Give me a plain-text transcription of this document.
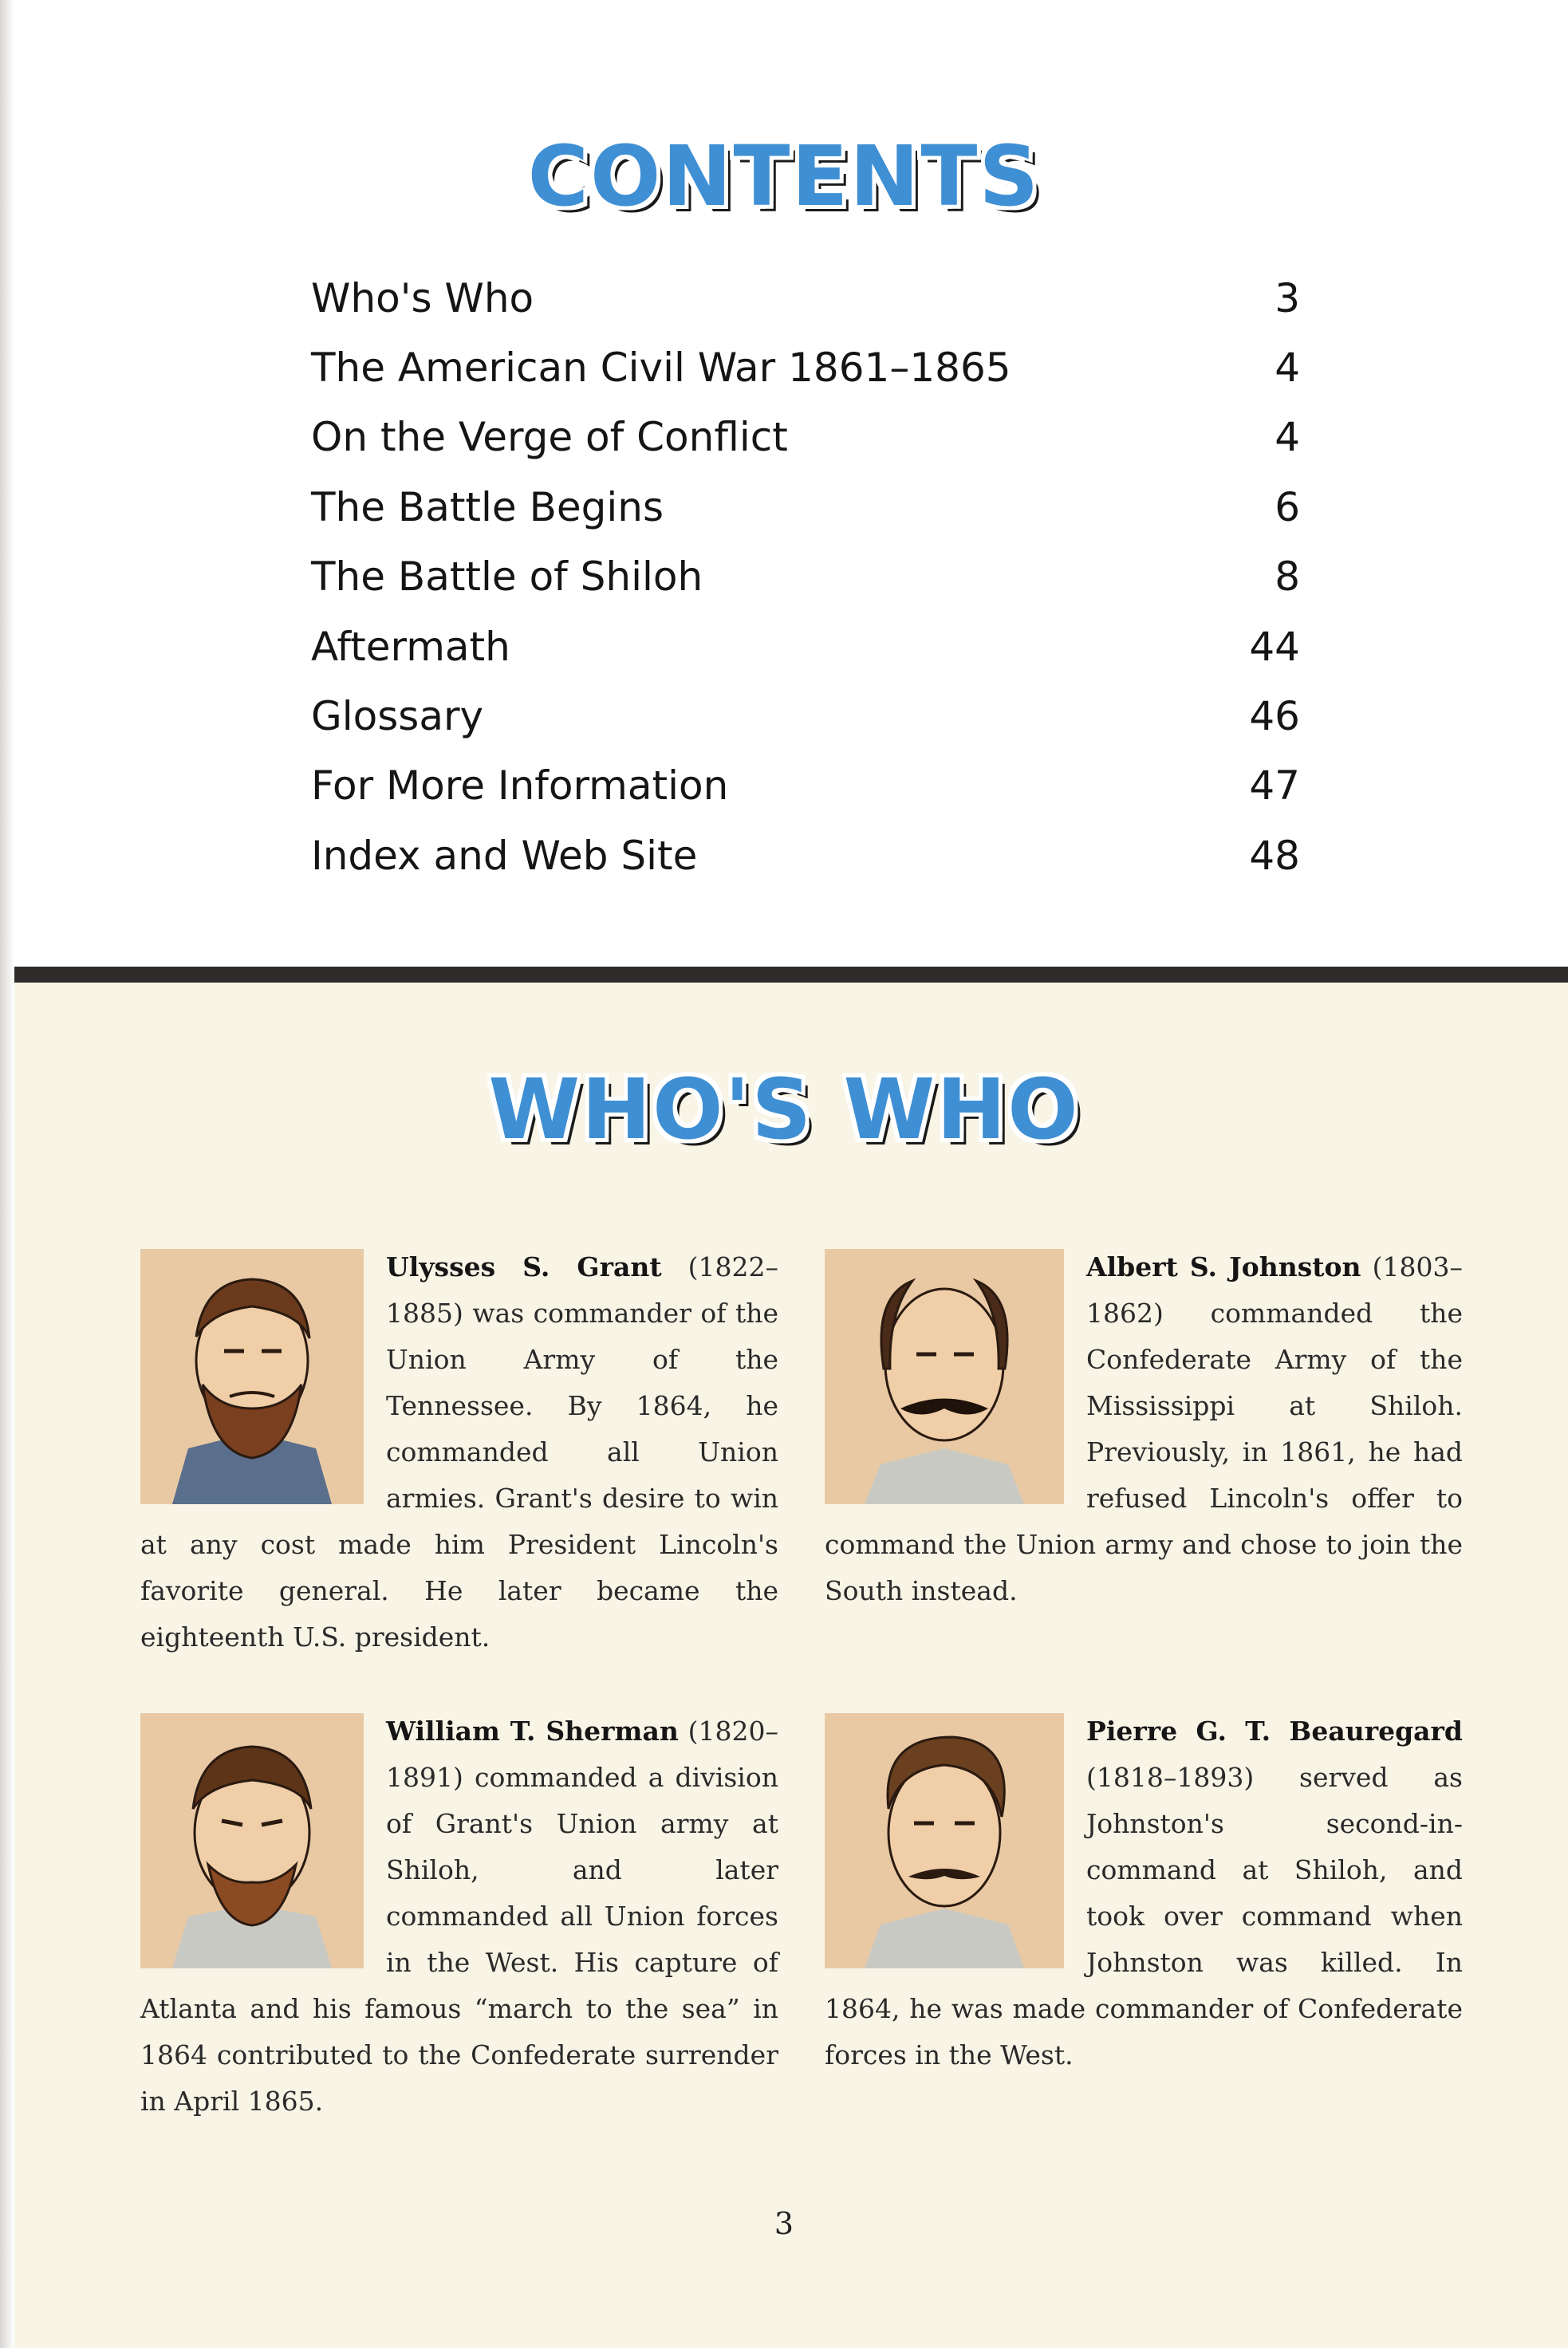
CONTENTS
Who's Who	3
The American Civil War 1861–1865	4
On the Verge of Conflict	4
The Battle Begins	6
The Battle of Shiloh	8
Aftermath	44
Glossary	46
For More Information	47
Index and Web Site	48
WHO'S WHO
Ulysses S. Grant (1822–1885) was commander of the Union Army of the Tennessee. By 1864, he commanded all Union armies. Grant's desire to win at any cost made him President Lincoln's favorite general. He later became the eighteenth U.S. president.
Albert S. Johnston (1803–1862) commanded the Confederate Army of the Mississippi at Shiloh. Previously, in 1861, he had refused Lincoln's offer to command the Union army and chose to join the South instead.
William T. Sherman (1820–1891) commanded a division of Grant's Union army at Shiloh, and later commanded all Union forces in the West. His capture of Atlanta and his famous “march to the sea” in 1864 contributed to the Confederate surrender in April 1865.
Pierre G. T. Beauregard (1818–1893) served as Johnston's second-in-command at Shiloh, and took over command when Johnston was killed. In 1864, he was made commander of Confederate forces in the West.
3
